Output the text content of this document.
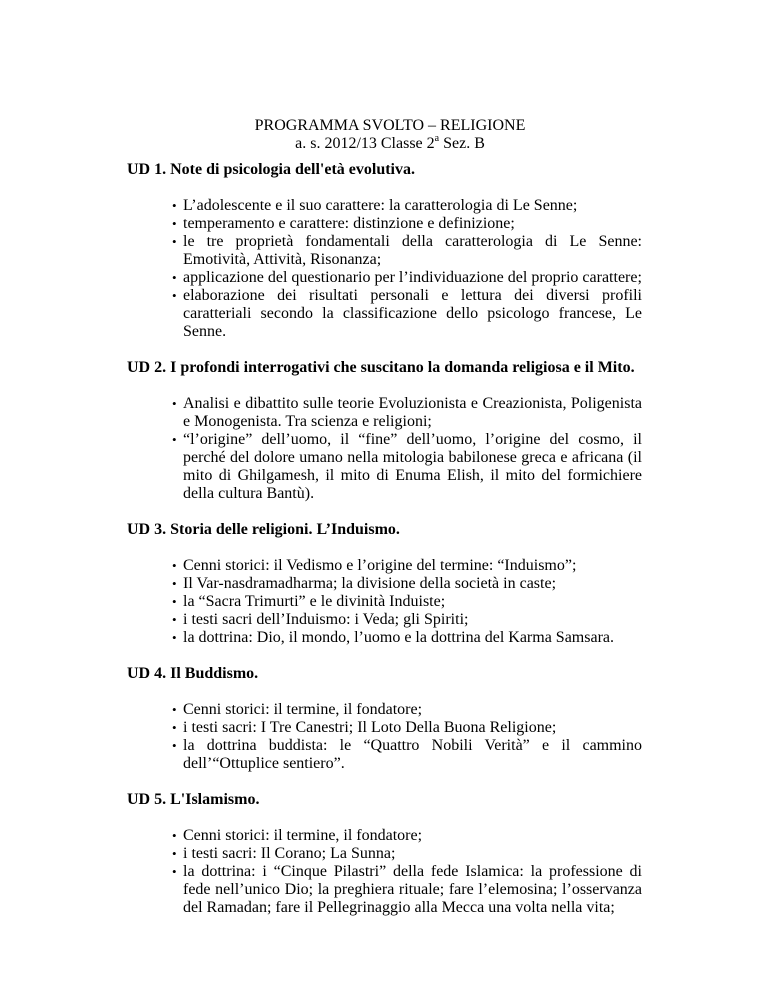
PROGRAMMA SVOLTO – RELIGIONE
a. s. 2012/13 Classe 2$^a$ Sez. B

UD 1. Note di psicologia dell'età evolutiva.

• L’adolescente e il suo carattere: la caratterologia di Le Senne;
• temperamento e carattere: distinzione e definizione;
• le tre proprietà fondamentali della caratterologia di Le Senne: Emotività, Attività, Risonanza;
• applicazione del questionario per l’individuazione del proprio carattere;
• elaborazione dei risultati personali e lettura dei diversi profili caratteriali secondo la classificazione dello psicologo francese, Le Senne.

UD 2. I profondi interrogativi che suscitano la domanda religiosa e il Mito.

• Analisi e dibattito sulle teorie Evoluzionista e Creazionista, Poligenista e Monogenista. Tra scienza e religioni;
• “l’origine” dell’uomo, il “fine” dell’uomo, l’origine del cosmo, il perché del dolore umano nella mitologia babilonese greca e africana (il mito di Ghilgamesh, il mito di Enuma Elish, il mito del formichiere della cultura Bantù).

UD 3. Storia delle religioni. L’Induismo.

• Cenni storici: il Vedismo e l’origine del termine: “Induismo”;
• Il Var-nasdramadharma; la divisione della società in caste;
• la “Sacra Trimurti” e le divinità Induiste;
• i testi sacri dell’Induismo: i Veda; gli Spiriti;
• la dottrina: Dio, il mondo, l’uomo e la dottrina del Karma Samsara.

UD 4. Il Buddismo.

• Cenni storici: il termine, il fondatore;
• i testi sacri: I Tre Canestri; Il Loto Della Buona Religione;
• la dottrina buddista: le “Quattro Nobili Verità” e il cammino dell’“Ottuplice sentiero”.

UD 5. L'Islamismo.

• Cenni storici: il termine, il fondatore;
• i testi sacri: Il Corano; La Sunna;
• la dottrina: i “Cinque Pilastri” della fede Islamica: la professione di fede nell’unico Dio; la preghiera rituale; fare l’elemosina; l’osservanza del Ramadan; fare il Pellegrinaggio alla Mecca una volta nella vita;
